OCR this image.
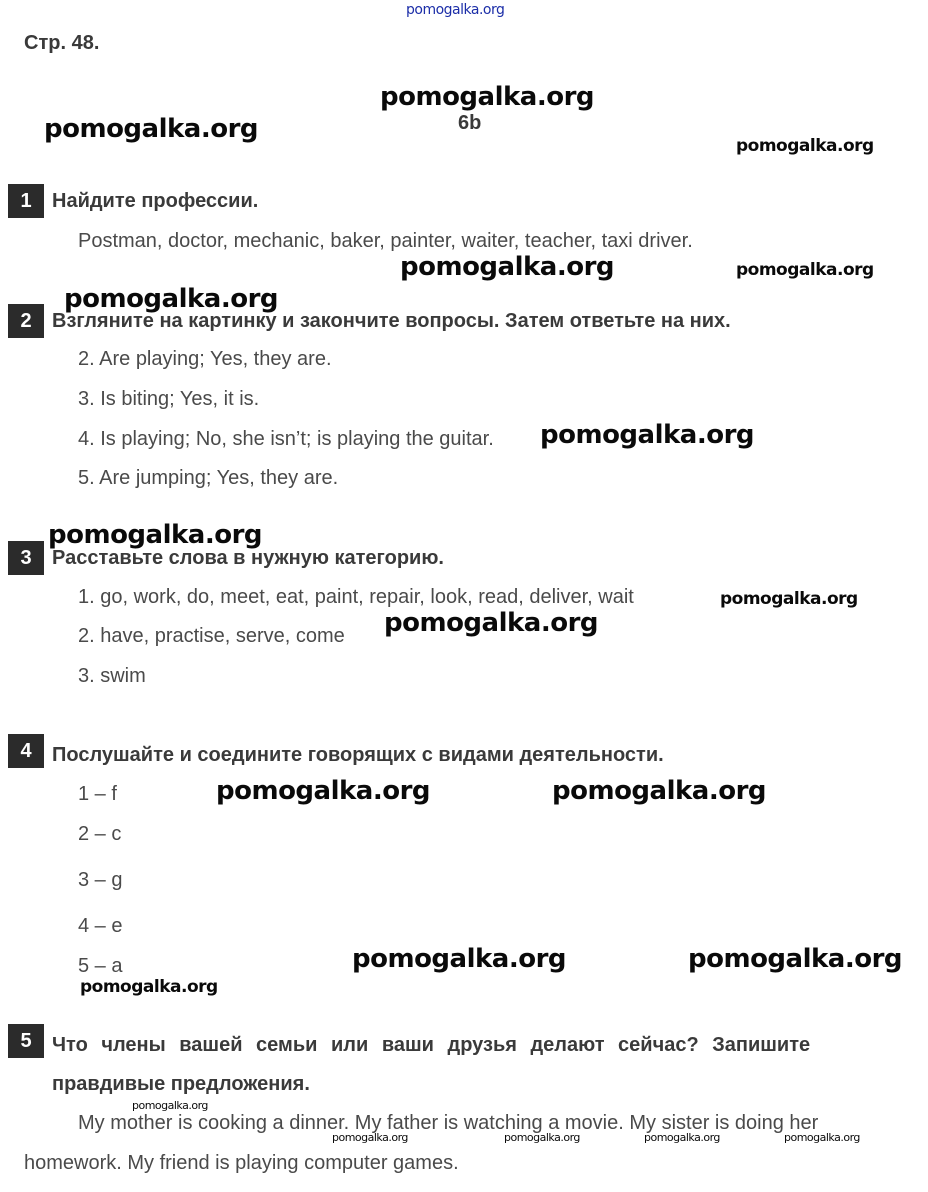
pomogalka.org
Стр. 48.
pomogalka.org
6b
pomogalka.org
pomogalka.org
1	Найдите профессии.
Postman, doctor, mechanic, baker, painter, waiter, teacher, taxi driver.
pomogalka.org	pomogalka.org
pomogalka.org
2	Взгляните на картинку и закончите вопросы. Затем ответьте на них.
2. Are playing; Yes, they are.
3. Is biting; Yes, it is.
4. Is playing; No, she isn’t; is playing the guitar. pomogalka.org
5. Are jumping; Yes, they are.
pomogalka.org
3	Расставьте слова в нужную категорию.
1. go, work, do, meet, eat, paint, repair, look, read, deliver, wait	pomogalka.org
2. have, practise, serve, come pomogalka.org
3. swim
4	Послушайте и соедините говорящих с видами деятельности.
1 – f	pomogalka.org	pomogalka.org
2 – c
3 – g
4 – e
5 – a	pomogalka.org	pomogalka.org
pomogalka.org
5	Что члены вашей семьи или ваши друзья делают сейчас? Запишите
правдивые предложения.
pomogalka.org
My mother is cooking a dinner. My father is watching a movie. My sister is doing her
pomogalka.org	pomogalka.org	pomogalka.org	pomogalka.org
homework. My friend is playing computer games.
